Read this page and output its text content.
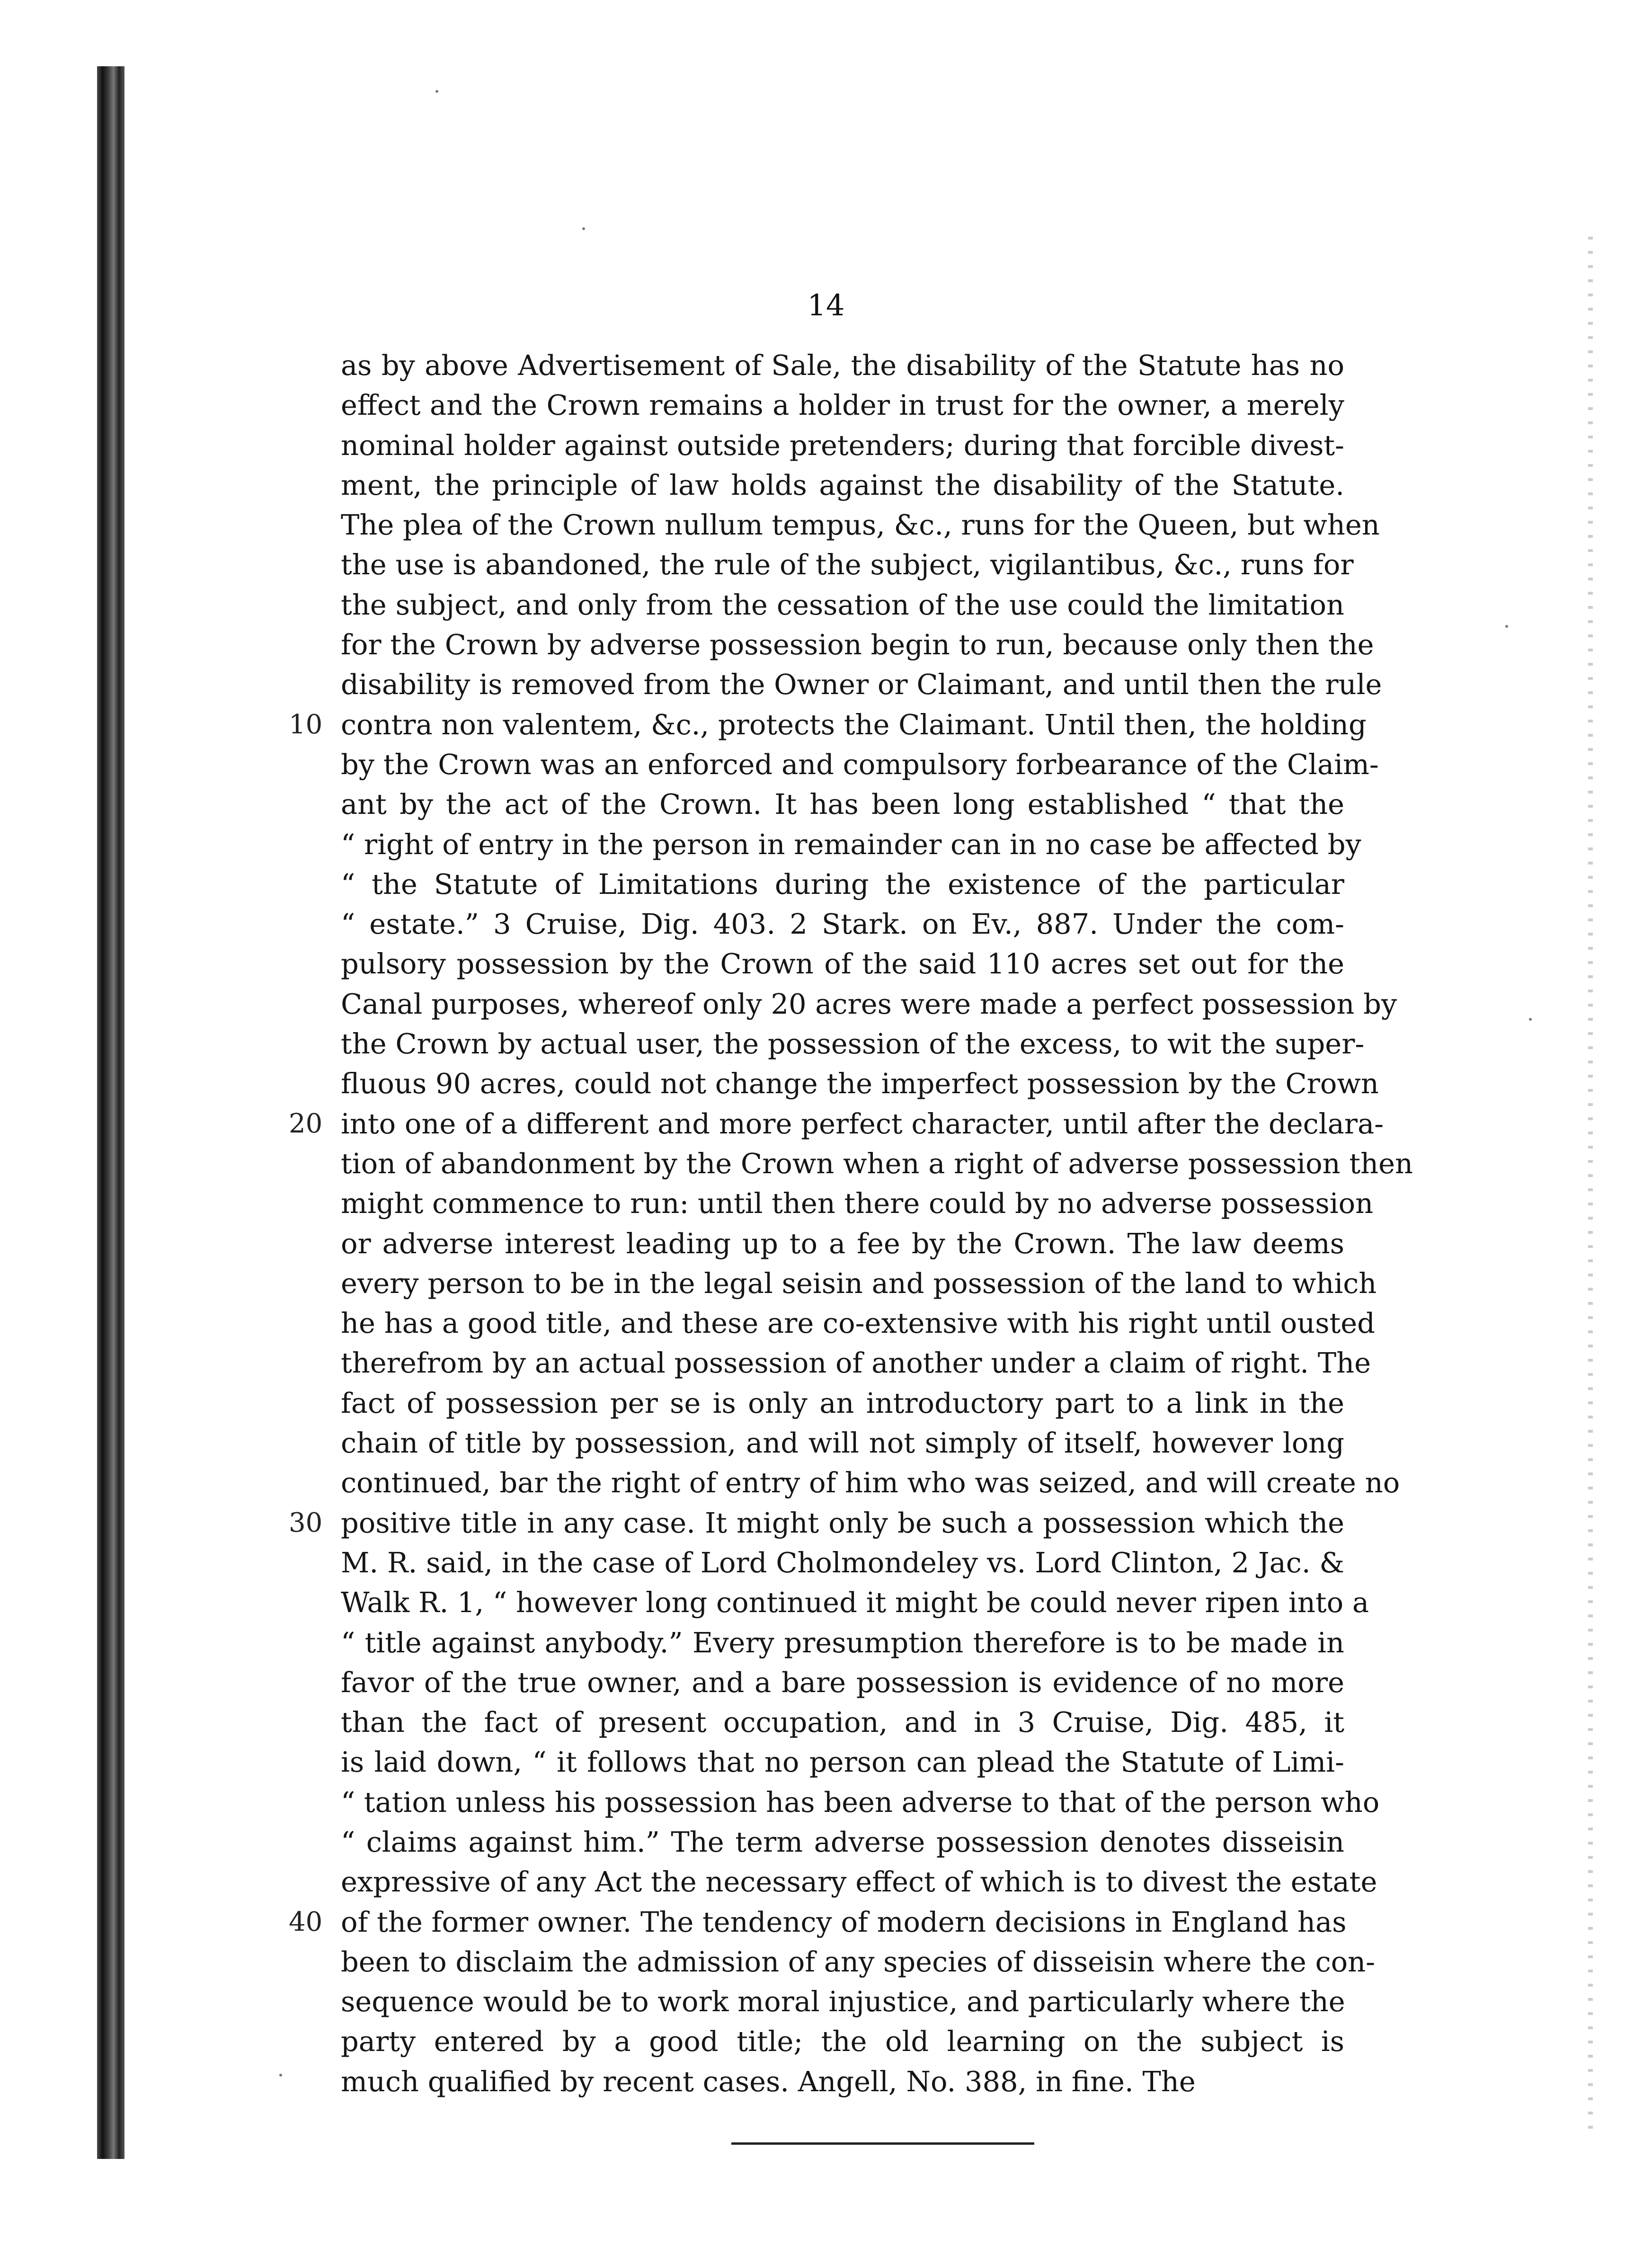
14
as by above Advertisement of Sale, the disability of the Statute has no
effect and the Crown remains a holder in trust for the owner, a merely
nominal holder against outside pretenders; during that forcible divest-
ment, the principle of law holds against the disability of the Statute.
The plea of the Crown nullum tempus, &c., runs for the Queen, but when
the use is abandoned, the rule of the subject, vigilantibus, &c., runs for
the subject, and only from the cessation of the use could the limitation
for the Crown by adverse possession begin to run, because only then the
disability is removed from the Owner or Claimant, and until then the rule
10 contra non valentem, &c., protects the Claimant. Until then, the holding
by the Crown was an enforced and compulsory forbearance of the Claim-
ant by the act of the Crown. It has been long established “ that the
“ right of entry in the person in remainder can in no case be affected by
“ the Statute of Limitations during the existence of the particular
“ estate.” 3 Cruise, Dig. 403. 2 Stark. on Ev., 887. Under the com-
pulsory possession by the Crown of the said 110 acres set out for the
Canal purposes, whereof only 20 acres were made a perfect possession by
the Crown by actual user, the possession of the excess, to wit the super-
fluous 90 acres, could not change the imperfect possession by the Crown
20 into one of a different and more perfect character, until after the declara-
tion of abandonment by the Crown when a right of adverse possession then
might commence to run: until then there could by no adverse possession
or adverse interest leading up to a fee by the Crown. The law deems
every person to be in the legal seisin and possession of the land to which
he has a good title, and these are co-extensive with his right until ousted
therefrom by an actual possession of another under a claim of right. The
fact of possession per se is only an introductory part to a link in the
chain of title by possession, and will not simply of itself, however long
continued, bar the right of entry of him who was seized, and will create no
30 positive title in any case. It might only be such a possession which the
M. R. said, in the case of Lord Cholmondeley vs. Lord Clinton, 2 Jac. &
Walk R. 1, “ however long continued it might be could never ripen into a
“ title against anybody.” Every presumption therefore is to be made in
favor of the true owner, and a bare possession is evidence of no more
than the fact of present occupation, and in 3 Cruise, Dig. 485, it
is laid down, “ it follows that no person can plead the Statute of Limi-
“ tation unless his possession has been adverse to that of the person who
“ claims against him.” The term adverse possession denotes disseisin
expressive of any Act the necessary effect of which is to divest the estate
40 of the former owner. The tendency of modern decisions in England has
been to disclaim the admission of any species of disseisin where the con-
sequence would be to work moral injustice, and particularly where the
party entered by a good title; the old learning on the subject is
much qualified by recent cases. Angell, No. 388, in fine. The
